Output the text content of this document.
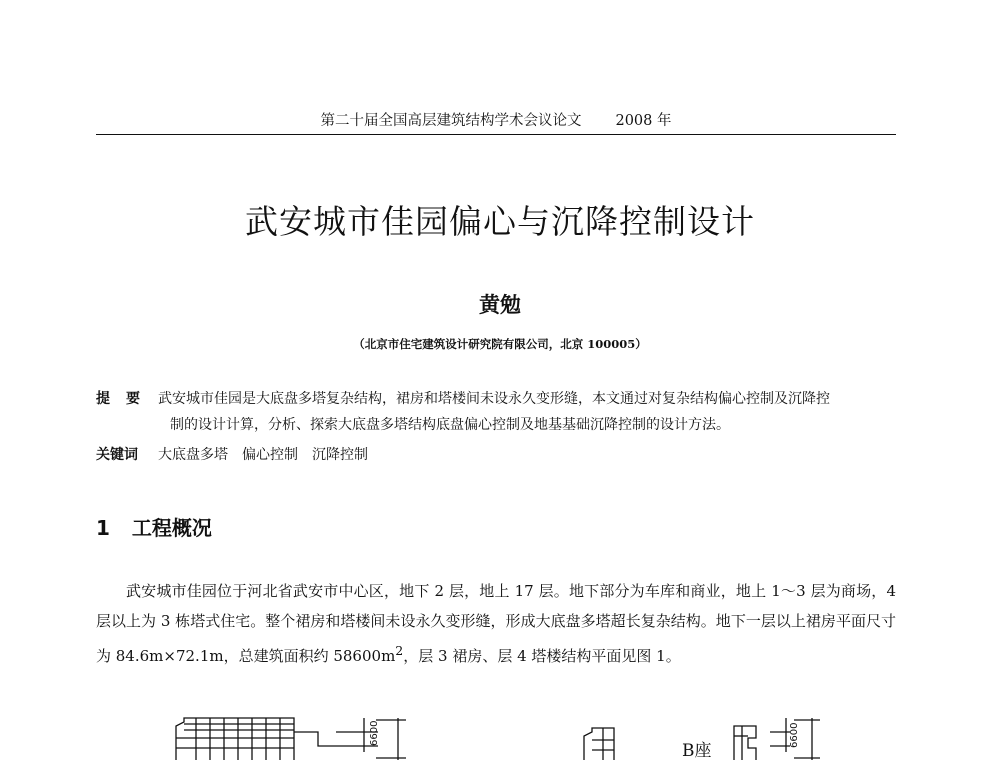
第二十届全国高层建筑结构学术会议论文 2008 年
武安城市佳园偏心与沉降控制设计
黄勉
（北京市住宅建筑设计研究院有限公司，北京 100005）
提要 武安城市佳园是大底盘多塔复杂结构，裙房和塔楼间未设永久变形缝，本文通过对复杂结构偏心控制及沉降控
制的设计计算，分析、探索大底盘多塔结构底盘偏心控制及地基基础沉降控制的设计方法。
关键词 大底盘多塔 偏心控制 沉降控制
1 工程概况

武安城市佳园位于河北省武安市中心区，地下 2 层，地上 17 层。地下部分为车库和商业，地上 1～3 层为商场，4 层以上为 3 栋塔式住宅。整个裙房和塔楼间未设永久变形缝，形成大底盘多塔超长复杂结构。地下一层以上裙房平面尺寸为 84.6m×72.1m，总建筑面积约 $58600m^2$，层 3 裙房、层 4 塔楼结构平面见图 1。

6600	6600
B座
